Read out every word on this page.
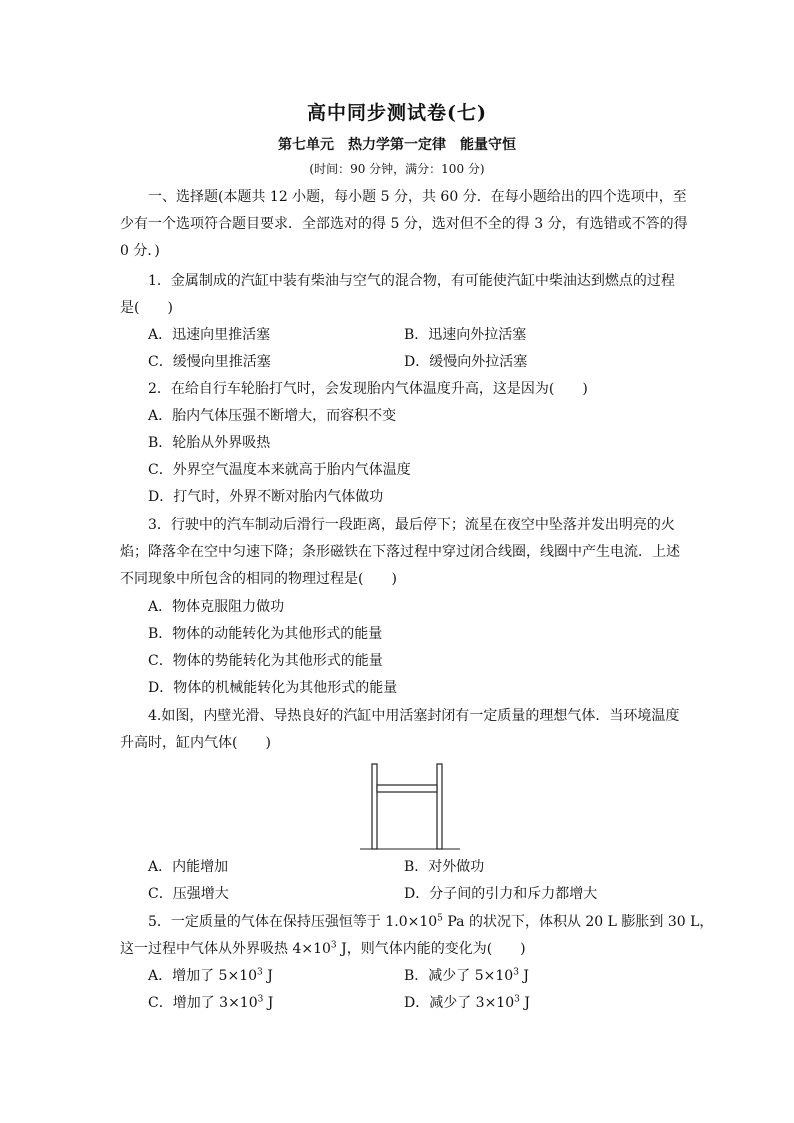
高中同步测试卷(七)
第七单元 热力学第一定律 能量守恒
(时间：90 分钟，满分：100 分)
一、选择题(本题共 12 小题，每小题 5 分，共 60 分．在每小题给出的四个选项中，至
少有一个选项符合题目要求．全部选对的得 5 分，选对但不全的得 3 分，有选错或不答的得
0 分．)
1．金属制成的汽缸中装有柴油与空气的混合物，有可能使汽缸中柴油达到燃点的过程
是(　　)
A．迅速向里推活塞	B．迅速向外拉活塞
C．缓慢向里推活塞	D．缓慢向外拉活塞
2．在给自行车轮胎打气时，会发现胎内气体温度升高，这是因为(　　)
A．胎内气体压强不断增大，而容积不变
B．轮胎从外界吸热
C．外界空气温度本来就高于胎内气体温度
D．打气时，外界不断对胎内气体做功
3．行驶中的汽车制动后滑行一段距离，最后停下；流星在夜空中坠落并发出明亮的火
焰；降落伞在空中匀速下降；条形磁铁在下落过程中穿过闭合线圈，线圈中产生电流．上述
不同现象中所包含的相同的物理过程是(　　)
A．物体克服阻力做功
B．物体的动能转化为其他形式的能量
C．物体的势能转化为其他形式的能量
D．物体的机械能转化为其他形式的能量
4.如图，内壁光滑、导热良好的汽缸中用活塞封闭有一定质量的理想气体．当环境温度
升高时，缸内气体(　　)
A．内能增加	B．对外做功
C．压强增大	D．分子间的引力和斥力都增大
5．一定质量的气体在保持压强恒等于 $1.0\times 10^5$ Pa 的状况下，体积从 20 L 膨胀到 30 L，
这一过程中气体从外界吸热 $4\times 10^3$ J，则气体内能的变化为(　　)
A．增加了 $5\times 10^3$ J	B．减少了 $5\times 10^3$ J
C．增加了 $3\times 10^3$ J	D．减少了 $3\times 10^3$ J
